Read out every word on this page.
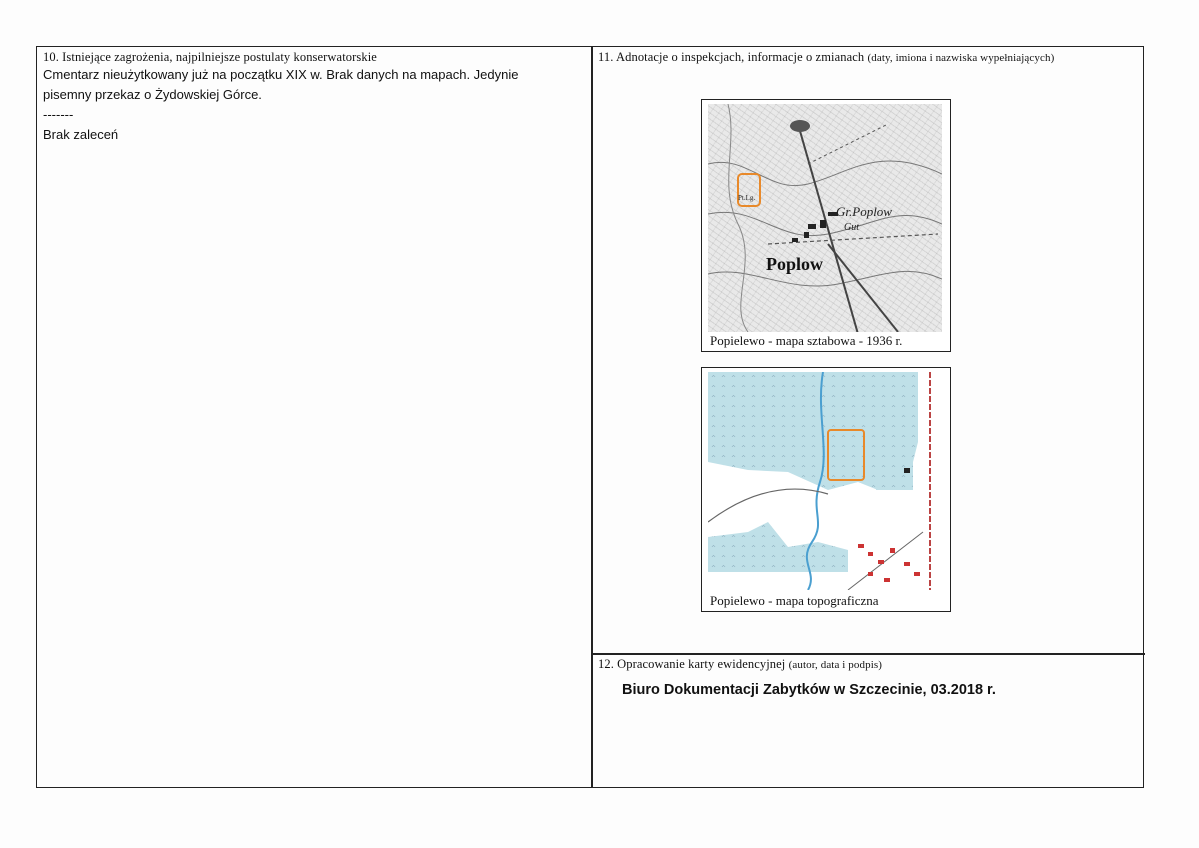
10. Istniejące zagrożenia, najpilniejsze postulaty konserwatorskie
Cmentarz nieużytkowany już na początku XIX w. Brak danych na mapach. Jedynie
pisemny przekaz o Żydowskiej Górce.
-------
Brak zaleceń
11. Adnotacje o inspekcjach, informacje o zmianach (daty, imiona i nazwiska wypełniających)
Poplow
Gr.Poplow
Gut
Pt.Lg.
Popielewo - mapa sztabowa - 1936 r.
Popielewo - mapa topograficzna
12. Opracowanie karty ewidencyjnej (autor, data i podpis)
Biuro Dokumentacji Zabytków w Szczecinie, 03.2018 r.
